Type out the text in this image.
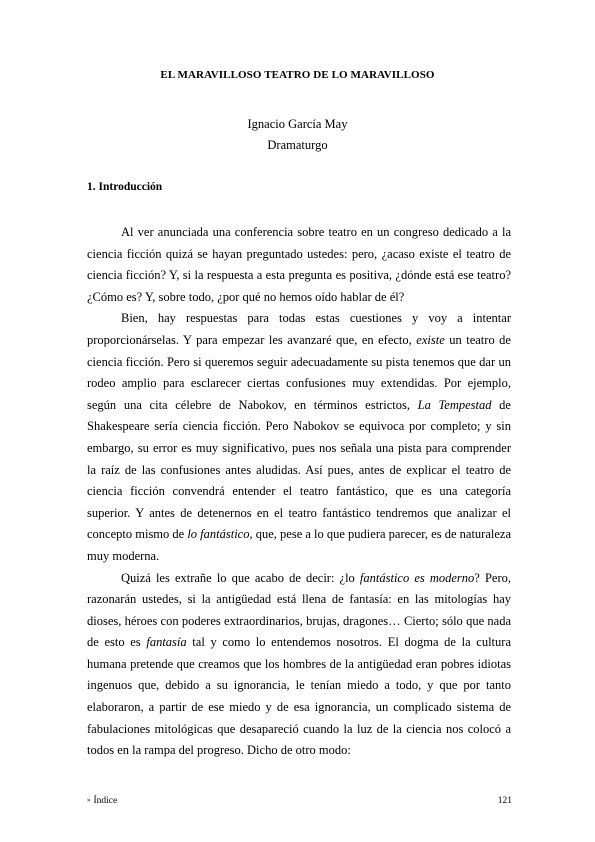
EL MARAVILLOSO TEATRO DE LO MARAVILLOSO
Ignacio García May
Dramaturgo
1. Introducción

Al ver anunciada una conferencia sobre teatro en un congreso dedicado a la ciencia ficción quizá se hayan preguntado ustedes: pero, ¿acaso existe el teatro de ciencia ficción? Y, si la respuesta a esta pregunta es positiva, ¿dónde está ese teatro? ¿Cómo es? Y, sobre todo, ¿por qué no hemos oído hablar de él?

Bien, hay respuestas para todas estas cuestiones y voy a intentar proporcionárselas. Y para empezar les avanzaré que, en efecto, existe un teatro de ciencia ficción. Pero si queremos seguir adecuadamente su pista tenemos que dar un rodeo amplio para esclarecer ciertas confusiones muy extendidas. Por ejemplo, según una cita célebre de Nabokov, en términos estrictos, La Tempestad de Shakespeare sería ciencia ficción. Pero Nabokov se equivoca por completo; y sin embargo, su error es muy significativo, pues nos señala una pista para comprender la raíz de las confusiones antes aludidas. Así pues, antes de explicar el teatro de ciencia ficción convendrá entender el teatro fantástico, que es una categoría superior. Y antes de detenernos en el teatro fantástico tendremos que analizar el concepto mismo de lo fantástico, que, pese a lo que pudiera parecer, es de naturaleza muy moderna.

Quizá les extrañe lo que acabo de decir: ¿lo fantástico es moderno? Pero, razonarán ustedes, si la antigüedad está llena de fantasía: en las mitologías hay dioses, héroes con poderes extraordinarios, brujas, dragones… Cierto; sólo que nada de esto es fantasía tal y como lo entendemos nosotros. El dogma de la cultura humana pretende que creamos que los hombres de la antigüedad eran pobres idiotas ingenuos que, debido a su ignorancia, le tenían miedo a todo, y que por tanto elaboraron, a partir de ese miedo y de esa ignorancia, un complicado sistema de fabulaciones mitológicas que desapareció cuando la luz de la ciencia nos colocó a todos en la rampa del progreso. Dicho de otro modo:

» Índice	121
